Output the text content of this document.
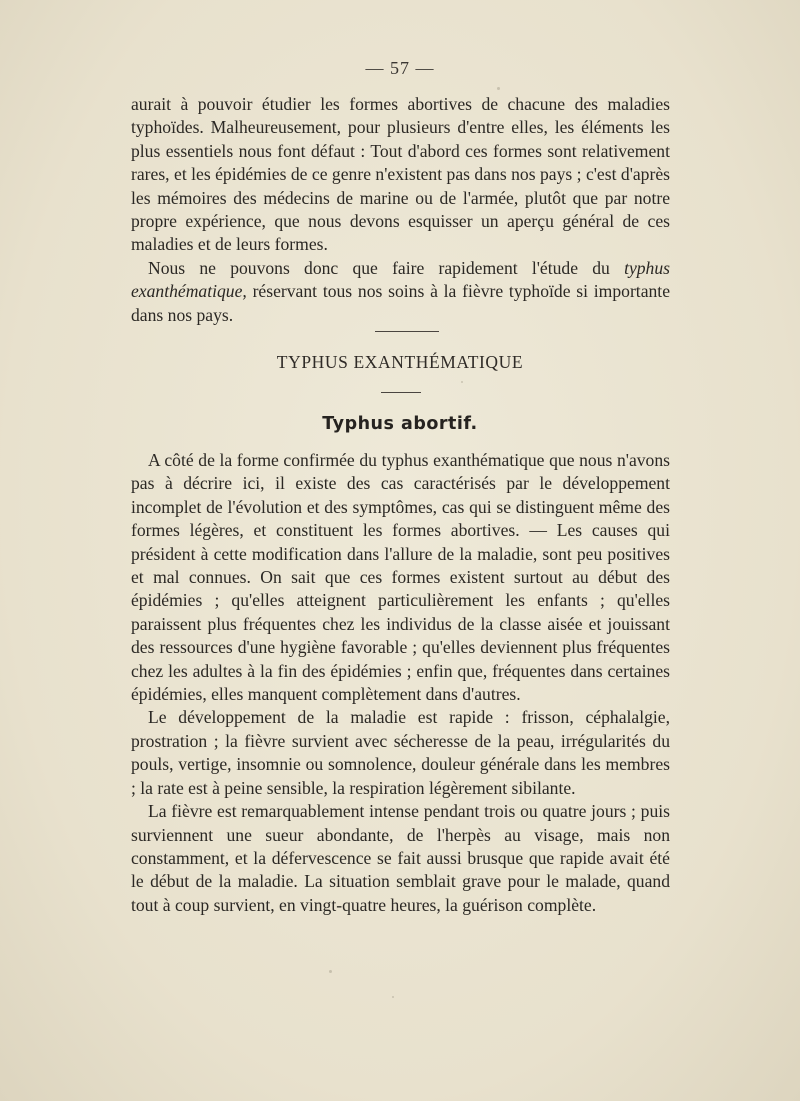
— 57 —

aurait à pouvoir étudier les formes abortives de chacune des maladies typhoïdes. Malheureusement, pour plusieurs d'entre elles, les éléments les plus essentiels nous font défaut : Tout d'abord ces formes sont relativement rares, et les épidémies de ce genre n'existent pas dans nos pays ; c'est d'après les mémoires des médecins de marine ou de l'armée, plutôt que par notre propre expérience, que nous devons esquisser un aperçu général de ces maladies et de leurs formes.

Nous ne pouvons donc que faire rapidement l'étude du typhus exanthématique, réservant tous nos soins à la fièvre typhoïde si importante dans nos pays.

TYPHUS EXANTHÉMATIQUE
Typhus abortif.

A côté de la forme confirmée du typhus exanthématique que nous n'avons pas à décrire ici, il existe des cas caractérisés par le développement incomplet de l'évolution et des symptômes, cas qui se distinguent même des formes légères, et constituent les formes abortives. — Les causes qui président à cette modification dans l'allure de la maladie, sont peu positives et mal connues. On sait que ces formes existent surtout au début des épidémies ; qu'elles atteignent particulièrement les enfants ; qu'elles paraissent plus fréquentes chez les individus de la classe aisée et jouissant des ressources d'une hygiène favorable ; qu'elles deviennent plus fréquentes chez les adultes à la fin des épidémies ; enfin que, fréquentes dans certaines épidémies, elles manquent complètement dans d'autres.

Le développement de la maladie est rapide : frisson, céphalalgie, prostration ; la fièvre survient avec sécheresse de la peau, irrégularités du pouls, vertige, insomnie ou somnolence, douleur générale dans les membres ; la rate est à peine sensible, la respiration légèrement sibilante.

La fièvre est remarquablement intense pendant trois ou quatre jours ; puis surviennent une sueur abondante, de l'herpès au visage, mais non constamment, et la défervescence se fait aussi brusque que rapide avait été le début de la maladie. La situation semblait grave pour le malade, quand tout à coup survient, en vingt-quatre heures, la guérison complète.
